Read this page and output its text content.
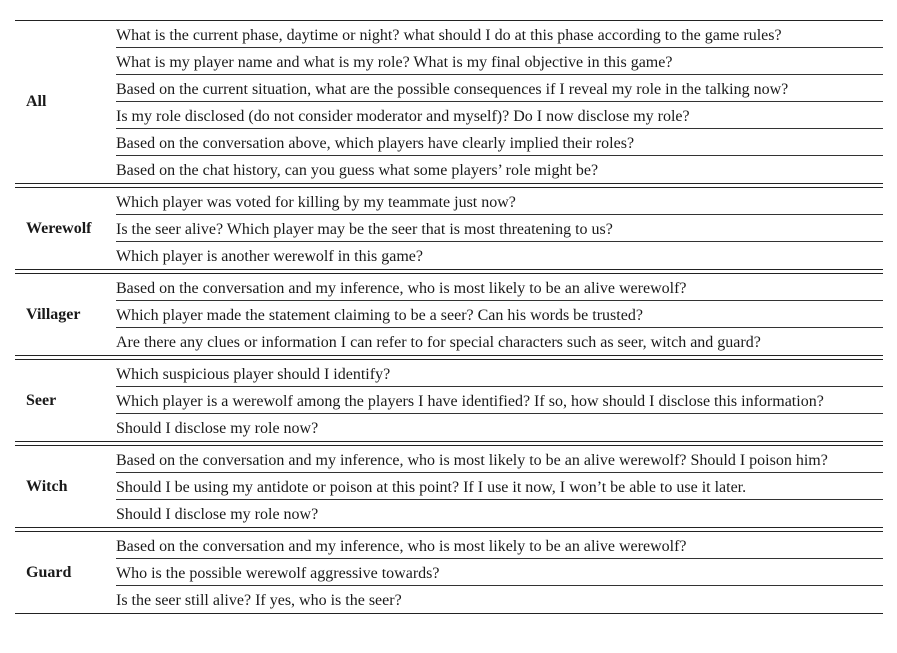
All
What is the current phase, daytime or night? what should I do at this phase according to the game rules?
What is my player name and what is my role? What is my final objective in this game?
Based on the current situation, what are the possible consequences if I reveal my role in the talking now?
Is my role disclosed (do not consider moderator and myself)? Do I now disclose my role?
Based on the conversation above, which players have clearly implied their roles?
Based on the chat history, can you guess what some players’ role might be?
Werewolf
Which player was voted for killing by my teammate just now?
Is the seer alive? Which player may be the seer that is most threatening to us?
Which player is another werewolf in this game?
Villager
Based on the conversation and my inference, who is most likely to be an alive werewolf?
Which player made the statement claiming to be a seer? Can his words be trusted?
Are there any clues or information I can refer to for special characters such as seer, witch and guard?
Seer
Which suspicious player should I identify?
Which player is a werewolf among the players I have identified? If so, how should I disclose this information?
Should I disclose my role now?
Witch
Based on the conversation and my inference, who is most likely to be an alive werewolf? Should I poison him?
Should I be using my antidote or poison at this point? If I use it now, I won’t be able to use it later.
Should I disclose my role now?
Guard
Based on the conversation and my inference, who is most likely to be an alive werewolf?
Who is the possible werewolf aggressive towards?
Is the seer still alive? If yes, who is the seer?
